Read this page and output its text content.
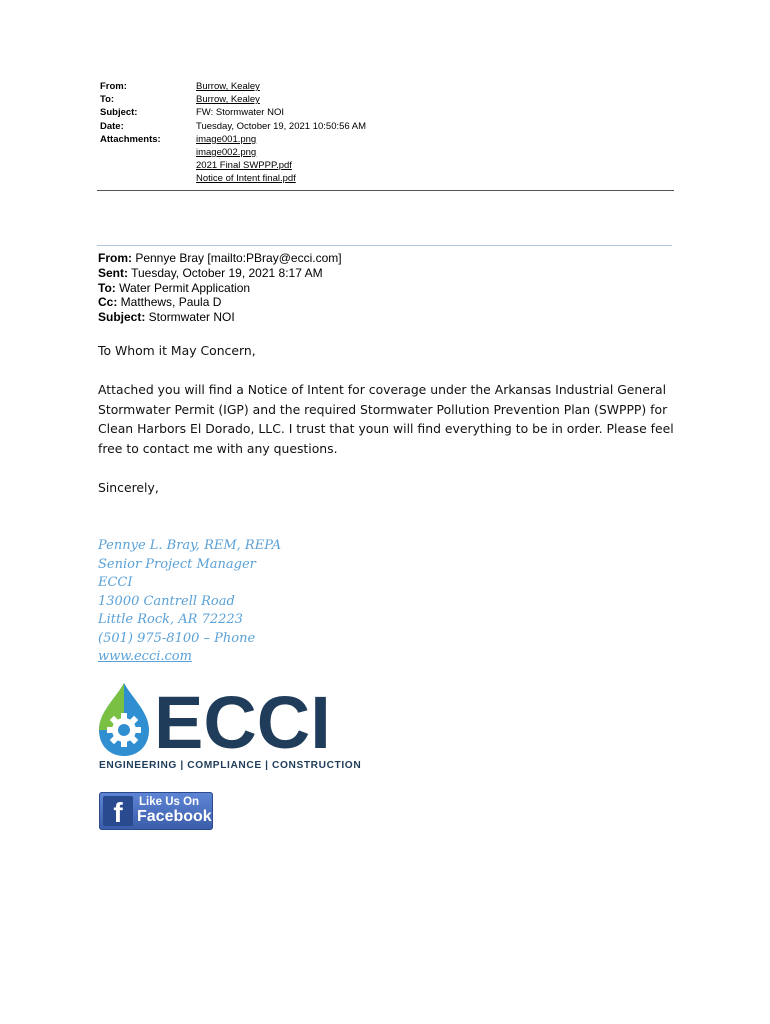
From:	Burrow, Kealey
To:	Burrow, Kealey
Subject:	FW: Stormwater NOI
Date:	Tuesday, October 19, 2021 10:50:56 AM
Attachments:	image001.png
image002.png
2021 Final SWPPP.pdf
Notice of Intent final.pdf
From: Pennye Bray [mailto:PBray@ecci.com]
Sent: Tuesday, October 19, 2021 8:17 AM
To: Water Permit Application
Cc: Matthews, Paula D
Subject: Stormwater NOI
To Whom it May Concern,
Attached you will find a Notice of Intent for coverage under the Arkansas Industrial General Stormwater Permit (IGP) and the required Stormwater Pollution Prevention Plan (SWPPP) for Clean Harbors El Dorado, LLC. I trust that youn will find everything to be in order. Please feel free to contact me with any questions.
Sincerely,
Pennye L. Bray, REM, REPA
Senior Project Manager
ECCI
13000 Cantrell Road
Little Rock, AR 72223
(501) 975-8100 – Phone
www.ecci.com
ECCI
ENGINEERING | COMPLIANCE | CONSTRUCTION
f	Like Us On
Facebook
